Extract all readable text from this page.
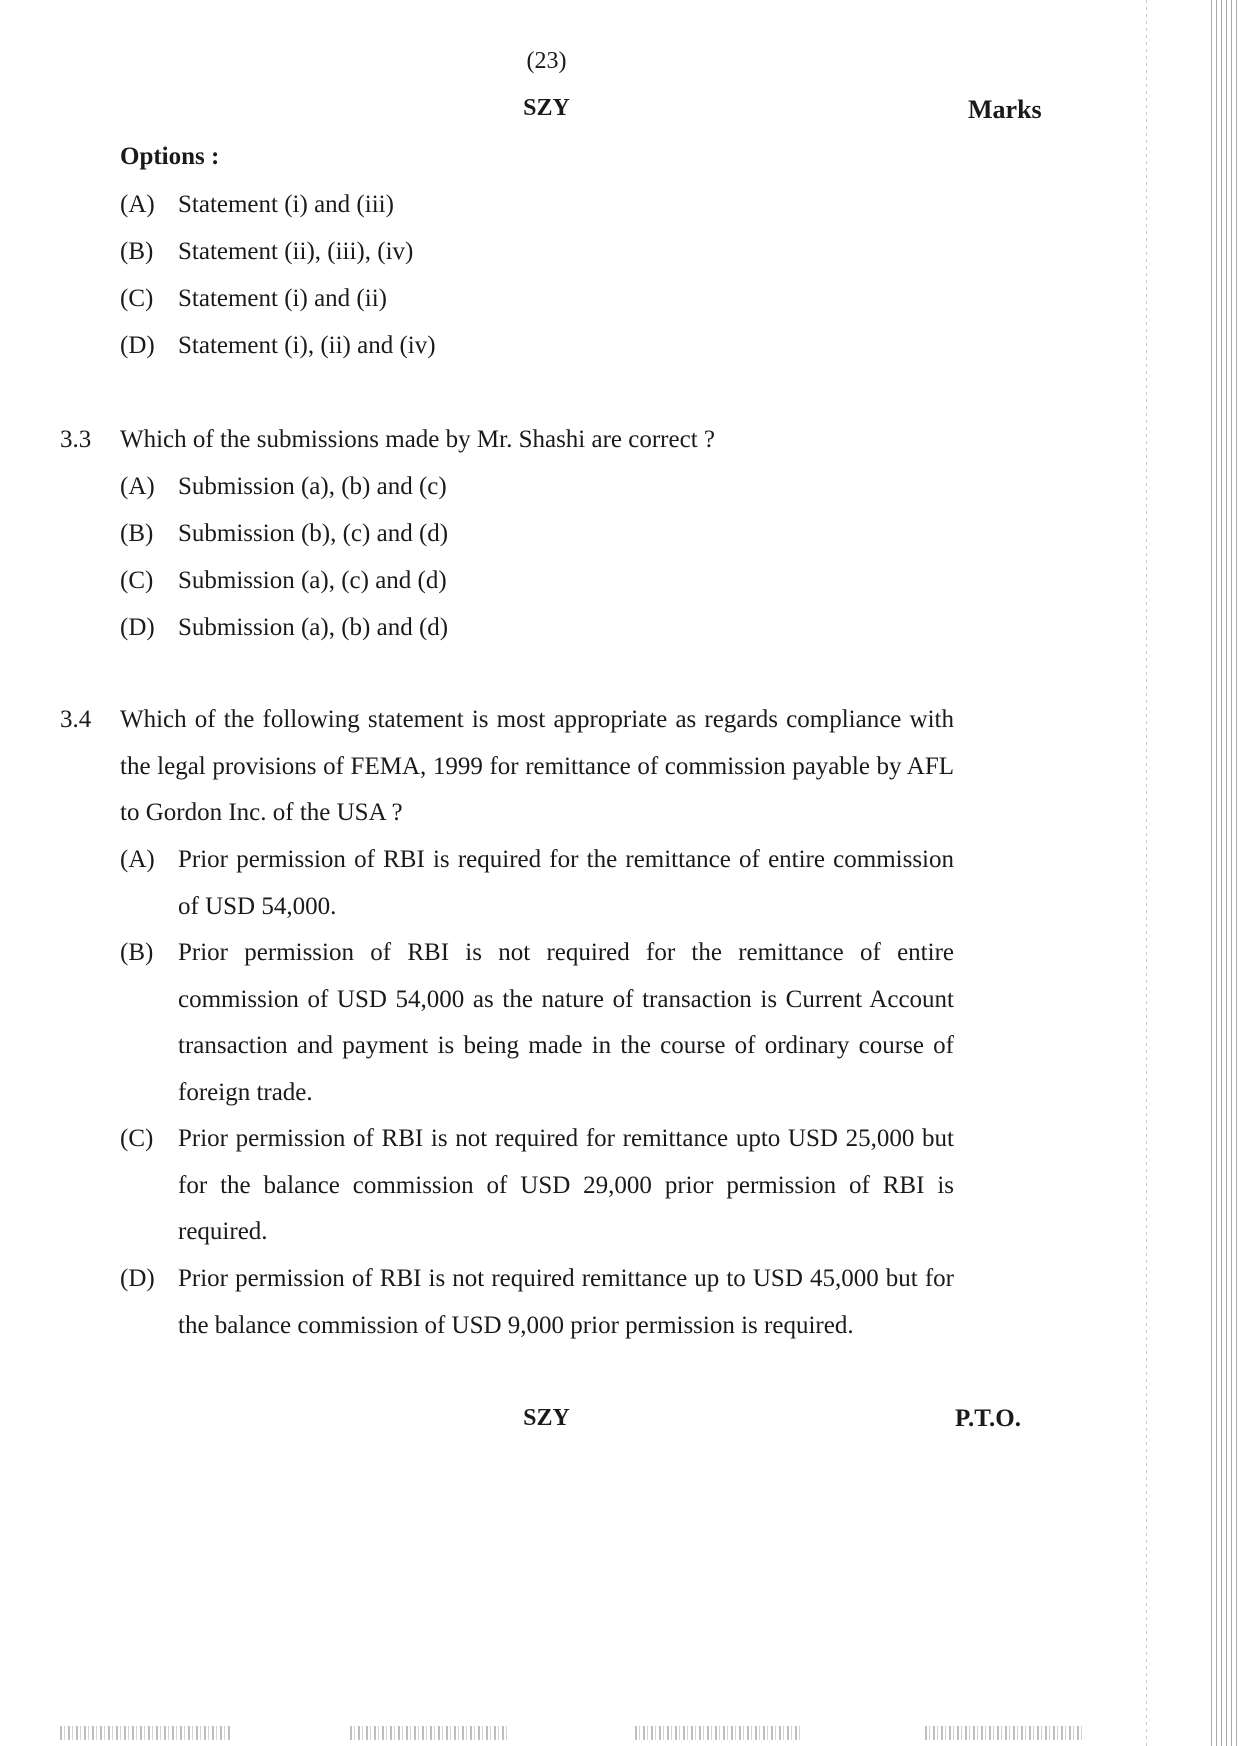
(23)
SZY	Marks
Options :
(A) Statement (i) and (iii)
(B) Statement (ii), (iii), (iv)
(C) Statement (i) and (ii)
(D) Statement (i), (ii) and (iv)
3.3 Which of the submissions made by Mr. Shashi are correct ?
(A) Submission (a), (b) and (c)
(B) Submission (b), (c) and (d)
(C) Submission (a), (c) and (d)
(D) Submission (a), (b) and (d)
3.4 Which of the following statement is most appropriate as regards compliance with the legal provisions of FEMA, 1999 for remittance of commission payable by AFL to Gordon Inc. of the USA ?
(A) Prior permission of RBI is required for the remittance of entire commission of USD 54,000.
(B) Prior permission of RBI is not required for the remittance of entire commission of USD 54,000 as the nature of transaction is Current Account transaction and payment is being made in the course of ordinary course of foreign trade.
(C) Prior permission of RBI is not required for remittance upto USD 25,000 but for the balance commission of USD 29,000 prior permission of RBI is required.
(D) Prior permission of RBI is not required remittance up to USD 45,000 but for the balance commission of USD 9,000 prior permission is required.
SZY	P.T.O.
